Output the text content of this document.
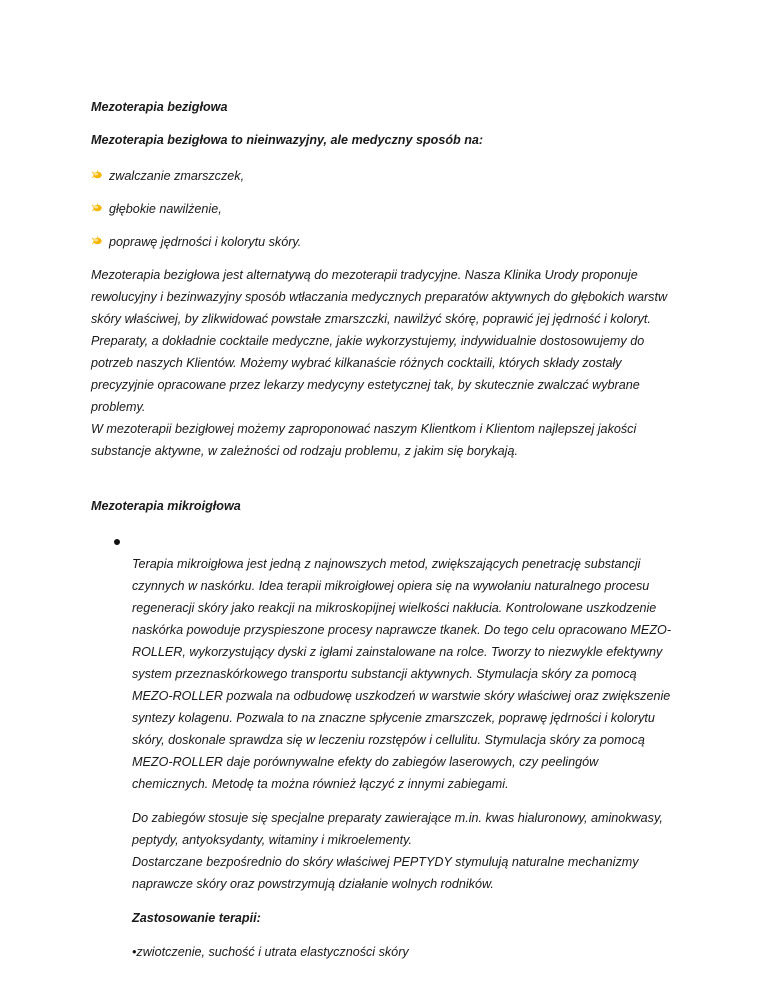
Mezoterapia bezigłowa

Mezoterapia bezigłowa to nieinwazyjny, ale medyczny sposób na:

zwalczanie zmarszczek,
głębokie nawilżenie,
poprawę jędrności i kolorytu skóry.

Mezoterapia bezigłowa jest alternatywą do mezoterapii tradycyjne. Nasza Klinika Urody proponuje rewolucyjny i bezinwazyjny sposób wtłaczania medycznych preparatów aktywnych do głębokich warstw skóry właściwej, by zlikwidować powstałe zmarszczki, nawilżyć skórę, poprawić jej jędrność i koloryt. Preparaty, a dokładnie cocktaile medyczne, jakie wykorzystujemy, indywidualnie dostosowujemy do potrzeb naszych Klientów. Możemy wybrać kilkanaście różnych cocktaili, których składy zostały precyzyjnie opracowane przez lekarzy medycyny estetycznej tak, by skutecznie zwalczać wybrane problemy.

W mezoterapii bezigłowej możemy zaproponować naszym Klientkom i Klientom najlepszej jakości substancje aktywne, w zależności od rodzaju problemu, z jakim się borykają.

Mezoterapia mikroigłowa

Terapia mikroigłowa jest jedną z najnowszych metod, zwiększających penetrację substancji czynnych w naskórku. Idea terapii mikroigłowej opiera się na wywołaniu naturalnego procesu regeneracji skóry jako reakcji na mikroskopijnej wielkości nakłucia. Kontrolowane uszkodzenie naskórka powoduje przyspieszone procesy naprawcze tkanek. Do tego celu opracowano MEZO-ROLLER, wykorzystujący dyski z igłami zainstalowane na rolce. Tworzy to niezwykle efektywny system przeznaskórkowego transportu substancji aktywnych. Stymulacja skóry za pomocą MEZO-ROLLER pozwala na odbudowę uszkodzeń w warstwie skóry właściwej oraz zwiększenie syntezy kolagenu. Pozwala to na znaczne spłycenie zmarszczek, poprawę jędrności i kolorytu skóry, doskonale sprawdza się w leczeniu rozstępów i cellulitu. Stymulacja skóry za pomocą MEZO-ROLLER daje porównywalne efekty do zabiegów laserowych, czy peelingów chemicznych. Metodę ta można również łączyć z innymi zabiegami.

Do zabiegów stosuje się specjalne preparaty zawierające m.in. kwas hialuronowy, aminokwasy, peptydy, antyoksydanty, witaminy i mikroelementy.

Dostarczane bezpośrednio do skóry właściwej PEPTYDY stymulują naturalne mechanizmy naprawcze skóry oraz powstrzymują działanie wolnych rodników.

Zastosowanie terapii:

•zwiotczenie, suchość i utrata elastyczności skóry
